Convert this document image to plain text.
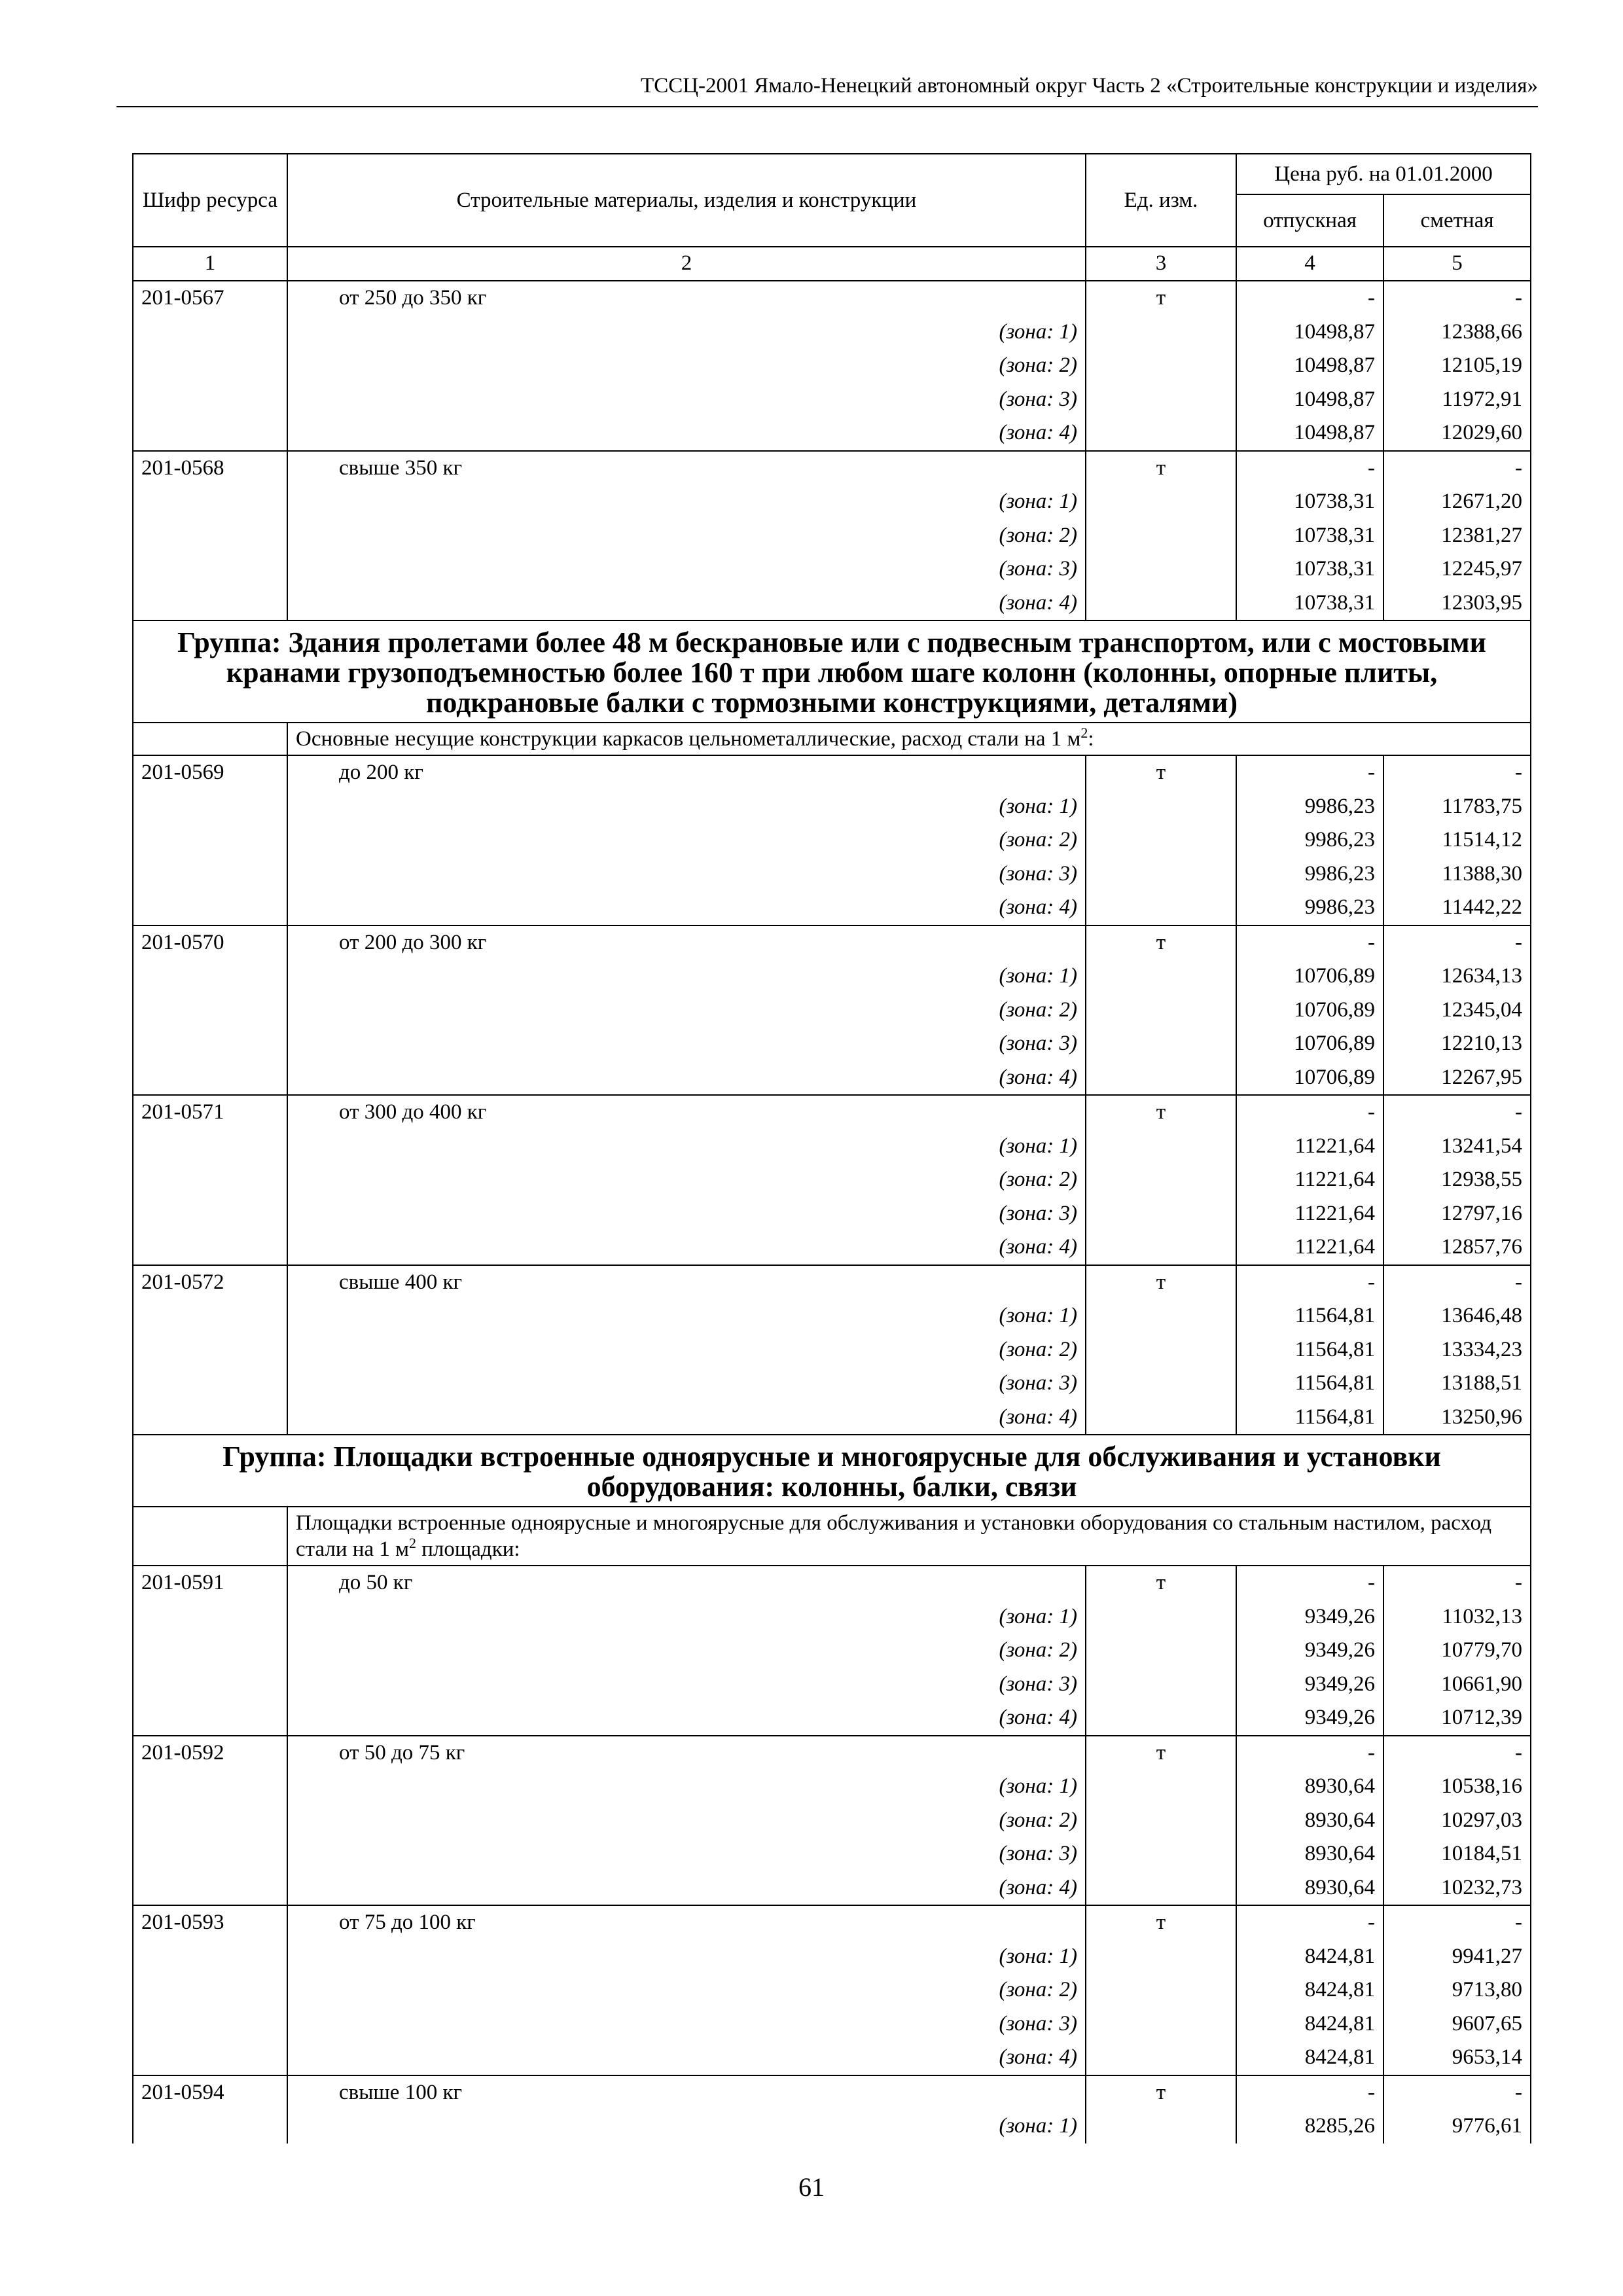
ТССЦ-2001 Ямало-Ненецкий автономный округ Часть 2 «Строительные конструкции и изделия»
Шифр ресурса	Строительные материалы, изделия и конструкции	Ед. изм.	Цена руб. на 01.01.2000	
			отпускная	сметная
1	2	3	4	5
201-0567	от 250 до 350 кг	т	-	-
	(зона: 1)		10498,87	12388,66
	(зона: 2)		10498,87	12105,19
	(зона: 3)		10498,87	11972,91
	(зона: 4)		10498,87	12029,60
201-0568	свыше 350 кг	т	-	-
	(зона: 1)		10738,31	12671,20
	(зона: 2)		10738,31	12381,27
	(зона: 3)		10738,31	12245,97
	(зона: 4)		10738,31	12303,95
Группа: Здания пролетами более 48 м бескрановые или с подвесным транспортом, или с мостовыми кранами грузоподъемностью более 160 т при любом шаге колонн (колонны, опорные плиты, подкрановые балки с тормозными конструкциями, деталями)				
	Основные несущие конструкции каркасов цельнометаллические, расход стали на 1 $м^2$:			
201-0569	до 200 кг	т	-	-
	(зона: 1)		9986,23	11783,75
	(зона: 2)		9986,23	11514,12
	(зона: 3)		9986,23	11388,30
	(зона: 4)		9986,23	11442,22
201-0570	от 200 до 300 кг	т	-	-
	(зона: 1)		10706,89	12634,13
	(зона: 2)		10706,89	12345,04
	(зона: 3)		10706,89	12210,13
	(зона: 4)		10706,89	12267,95
201-0571	от 300 до 400 кг	т	-	-
	(зона: 1)		11221,64	13241,54
	(зона: 2)		11221,64	12938,55
	(зона: 3)		11221,64	12797,16
	(зона: 4)		11221,64	12857,76
201-0572	свыше 400 кг	т	-	-
	(зона: 1)		11564,81	13646,48
	(зона: 2)		11564,81	13334,23
	(зона: 3)		11564,81	13188,51
	(зона: 4)		11564,81	13250,96
Группа: Площадки встроенные одноярусные и многоярусные для обслуживания и установки оборудования: колонны, балки, связи				
	Площадки встроенные одноярусные и многоярусные для обслуживания и установки оборудования со стальным настилом, расход стали на 1 $м^2$ площадки:			
201-0591	до 50 кг	т	-	-
	(зона: 1)		9349,26	11032,13
	(зона: 2)		9349,26	10779,70
	(зона: 3)		9349,26	10661,90
	(зона: 4)		9349,26	10712,39
201-0592	от 50 до 75 кг	т	-	-
	(зона: 1)		8930,64	10538,16
	(зона: 2)		8930,64	10297,03
	(зона: 3)		8930,64	10184,51
	(зона: 4)		8930,64	10232,73
201-0593	от 75 до 100 кг	т	-	-
	(зона: 1)		8424,81	9941,27
	(зона: 2)		8424,81	9713,80
	(зона: 3)		8424,81	9607,65
	(зона: 4)		8424,81	9653,14
201-0594	свыше 100 кг	т	-	-
	(зона: 1)		8285,26	9776,61
61
